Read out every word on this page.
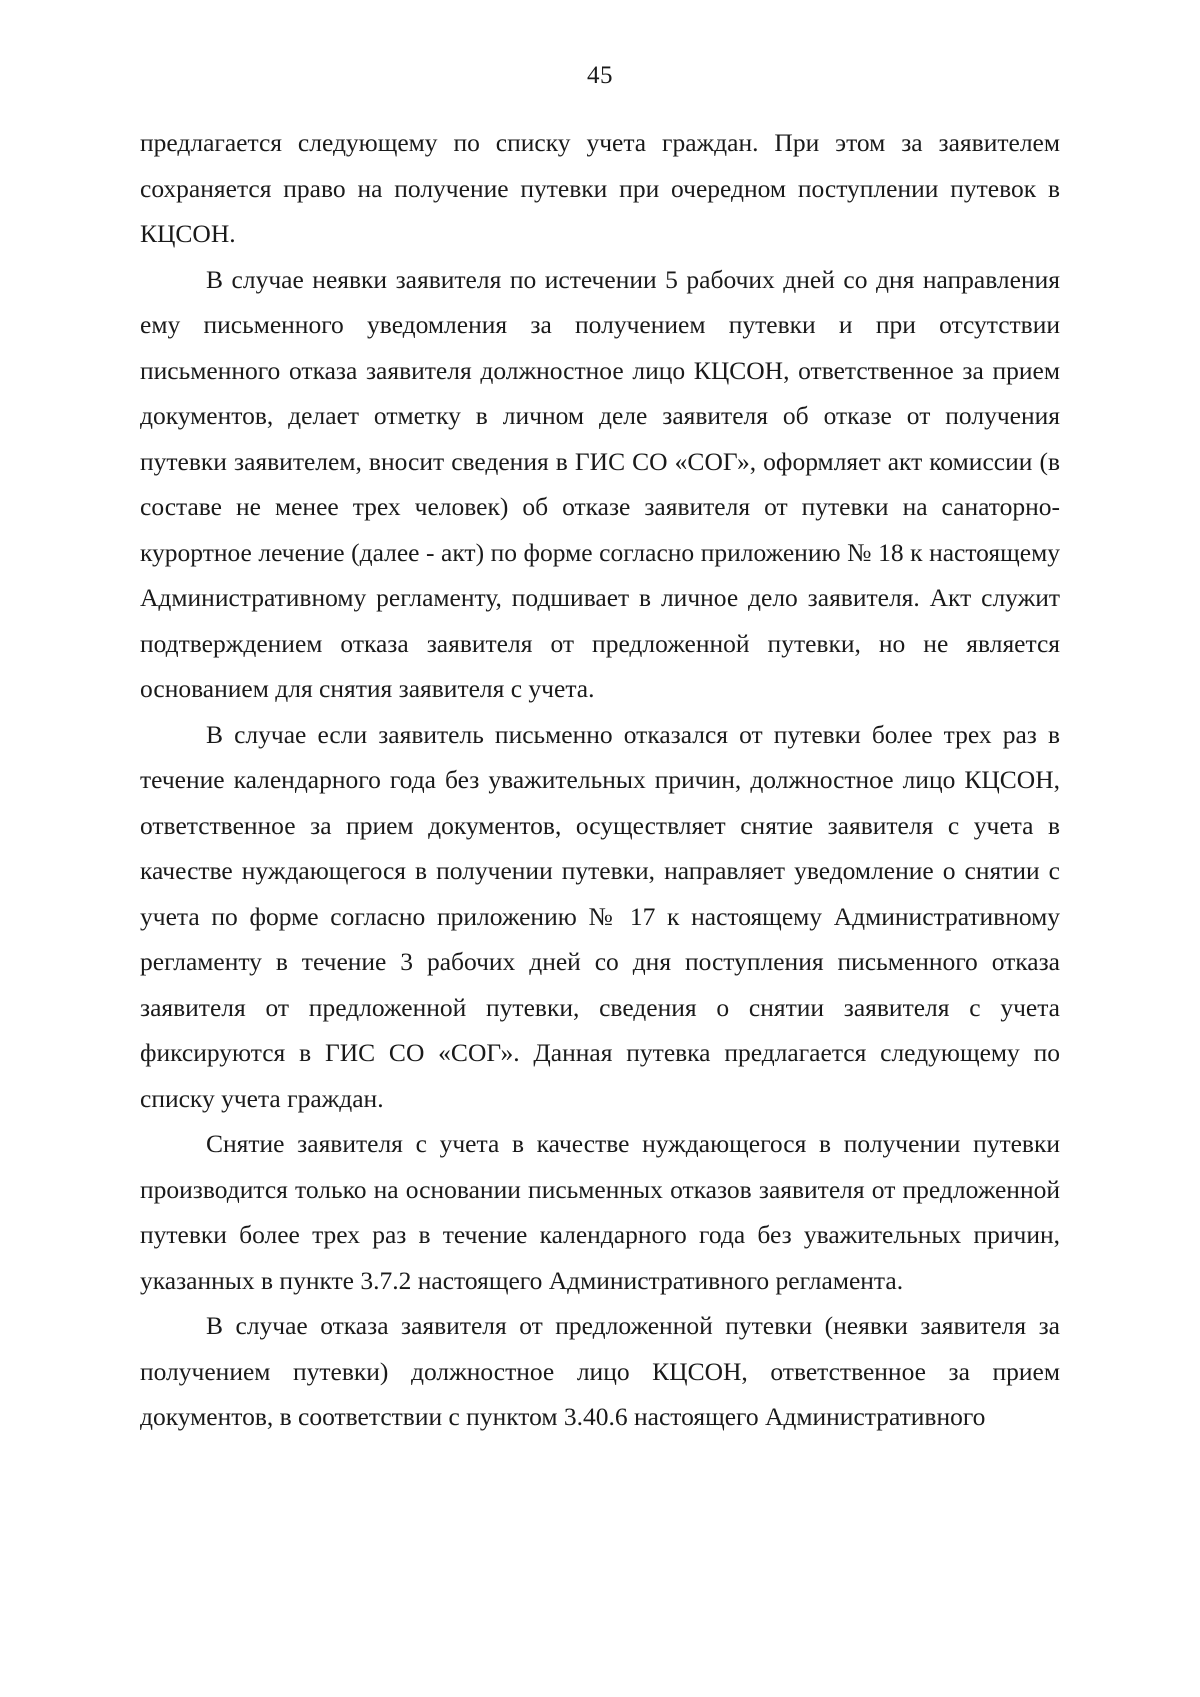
45

предлагается следующему по списку учета граждан. При этом за заявителем сохраняется право на получение путевки при очередном поступлении путевок в КЦСОН.

В случае неявки заявителя по истечении 5 рабочих дней со дня направления ему письменного уведомления за получением путевки и при отсутствии письменного отказа заявителя должностное лицо КЦСОН, ответственное за прием документов, делает отметку в личном деле заявителя об отказе от получения путевки заявителем, вносит сведения в ГИС СО «СОГ», оформляет акт комиссии (в составе не менее трех человек) об отказе заявителя от путевки на санаторно-курортное лечение (далее - акт) по форме согласно приложению № 18 к настоящему Административному регламенту, подшивает в личное дело заявителя. Акт служит подтверждением отказа заявителя от предложенной путевки, но не является основанием для снятия заявителя с учета.

В случае если заявитель письменно отказался от путевки более трех раз в течение календарного года без уважительных причин, должностное лицо КЦСОН, ответственное за прием документов, осуществляет снятие заявителя с учета в качестве нуждающегося в получении путевки, направляет уведомление о снятии с учета по форме согласно приложению № 17 к настоящему Административному регламенту в течение 3 рабочих дней со дня поступления письменного отказа заявителя от предложенной путевки, сведения о снятии заявителя с учета фиксируются в ГИС СО «СОГ». Данная путевка предлагается следующему по списку учета граждан.

Снятие заявителя с учета в качестве нуждающегося в получении путевки производится только на основании письменных отказов заявителя от предложенной путевки более трех раз в течение календарного года без уважительных причин, указанных в пункте 3.7.2 настоящего Административного регламента.

В случае отказа заявителя от предложенной путевки (неявки заявителя за получением путевки) должностное лицо КЦСОН, ответственное за прием документов, в соответствии с пунктом 3.40.6 настоящего Административного
